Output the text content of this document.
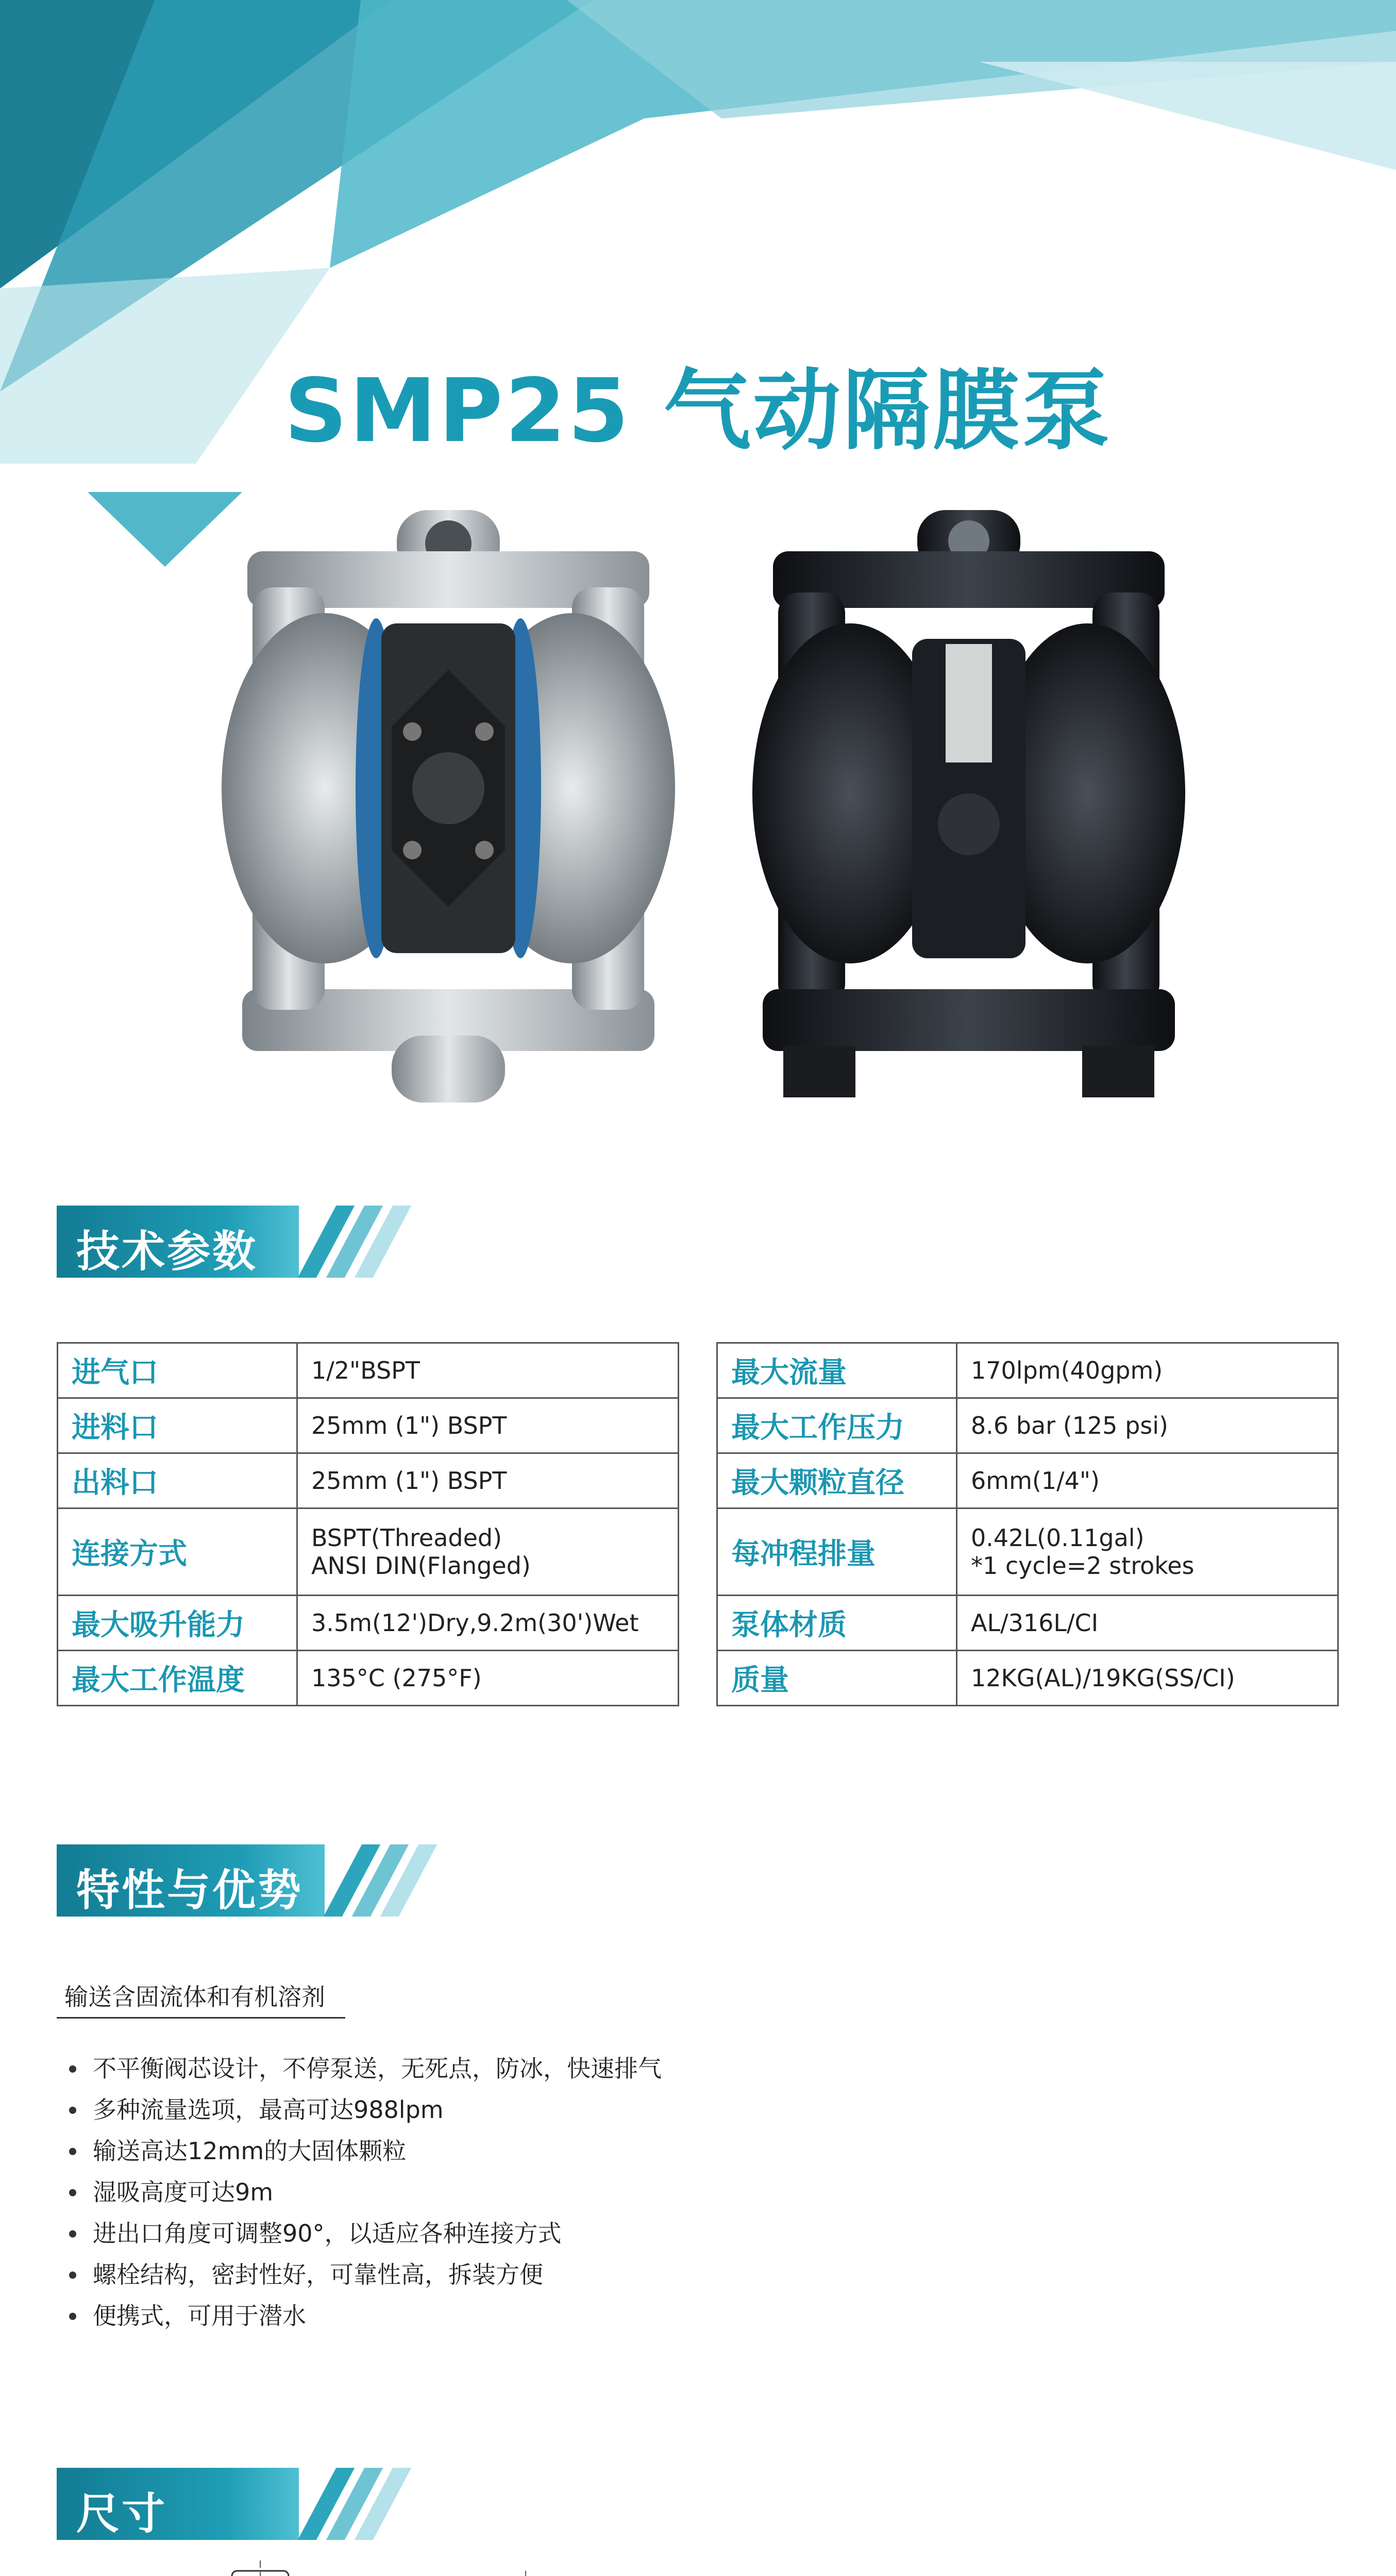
SMP25 气动隔膜泵
技术参数
进气口	1/2"BSPT

进料口	25mm (1") BSPT

出料口	25mm (1") BSPT

连接方式	BSPT(Threaded)
ANSI DIN(Flanged)

最大吸升能力	3.5m(12')Dry,9.2m(30')Wet

最大工作温度	135°C (275°F)
最大流量	170lpm(40gpm)

最大工作压力	8.6 bar (125 psi)

最大颗粒直径	6mm(1/4")

每冲程排量	0.42L(0.11gal)
*1 cycle=2 strokes

泵体材质	AL/316L/CI

质量	12KG(AL)/19KG(SS/CI)
特性与优势
输送含固流体和有机溶剂
不平衡阀芯设计，不停泵送，无死点，防冰，快速排气
多种流量选项，最高可达988lpm
输送高达12mm的大固体颗粒
湿吸高度可达9m
进出口角度可调整90°，以适应各种连接方式
螺栓结构，密封性好，可靠性高，拆装方便
便携式，可用于潜水
尺寸
